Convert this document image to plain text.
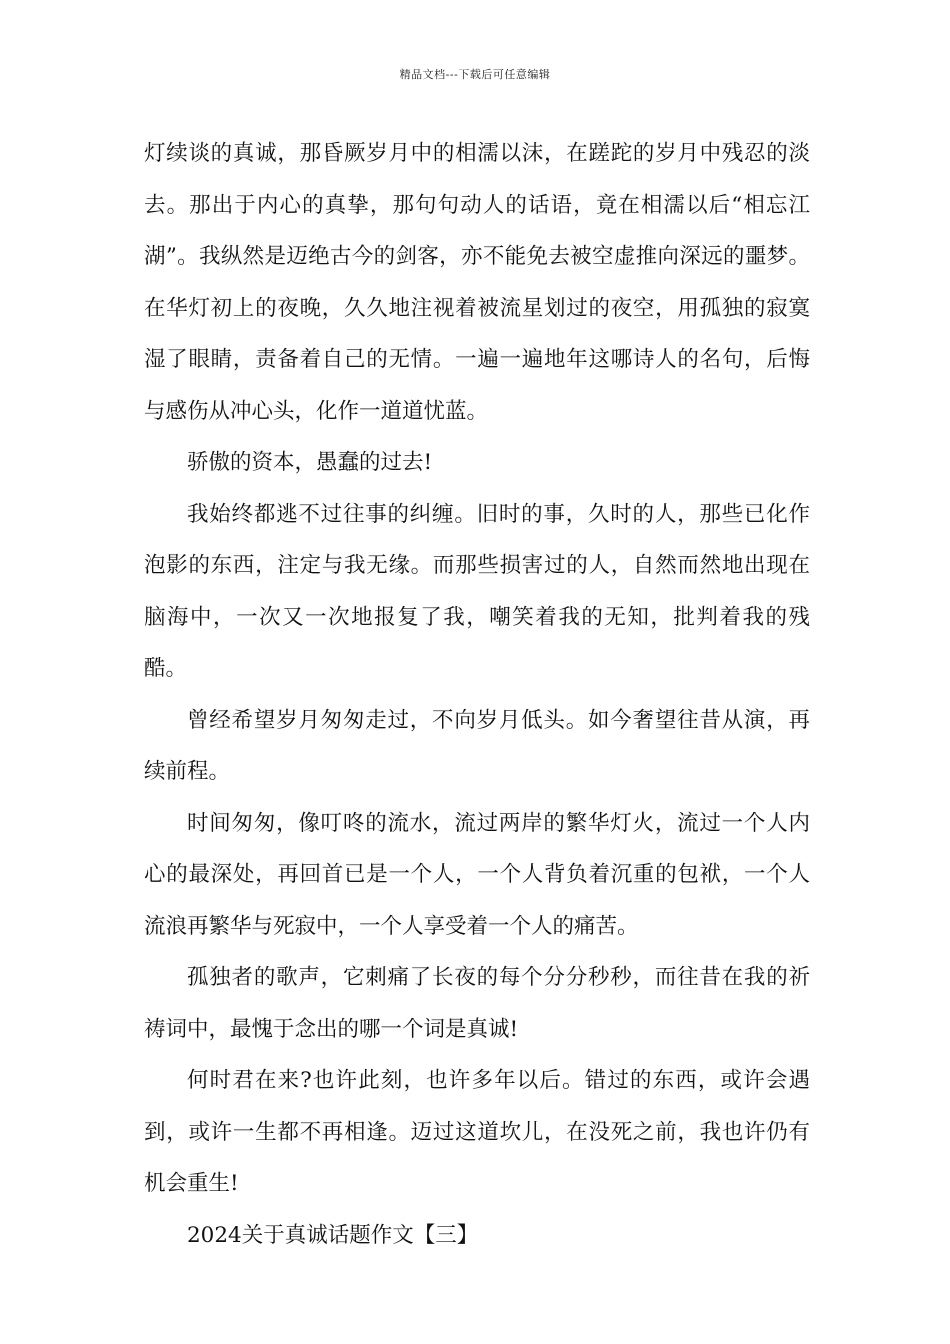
精品文档---下载后可任意编辑

灯续谈的真诚，那昏厥岁月中的相濡以沫，在蹉跎的岁月中残忍的淡去。那出于内心的真挚，那句句动人的话语，竟在相濡以后“相忘江湖”。我纵然是迈绝古今的剑客，亦不能免去被空虚推向深远的噩梦。在华灯初上的夜晚，久久地注视着被流星划过的夜空，用孤独的寂寞湿了眼睛，责备着自己的无情。一遍一遍地年这哪诗人的名句，后悔与感伤从冲心头，化作一道道忧蓝。

骄傲的资本，愚蠢的过去!

我始终都逃不过往事的纠缠。旧时的事，久时的人，那些已化作泡影的东西，注定与我无缘。而那些损害过的人，自然而然地出现在脑海中，一次又一次地报复了我，嘲笑着我的无知，批判着我的残酷。

曾经希望岁月匆匆走过，不向岁月低头。如今奢望往昔从演，再续前程。

时间匆匆，像叮咚的流水，流过两岸的繁华灯火，流过一个人内心的最深处，再回首已是一个人，一个人背负着沉重的包袱，一个人流浪再繁华与死寂中，一个人享受着一个人的痛苦。

孤独者的歌声，它刺痛了长夜的每个分分秒秒，而往昔在我的祈祷词中，最愧于念出的哪一个词是真诚!

何时君在来?也许此刻，也许多年以后。错过的东西，或许会遇到，或许一生都不再相逢。迈过这道坎儿，在没死之前，我也许仍有机会重生!

2024关于真诚话题作文【三】
